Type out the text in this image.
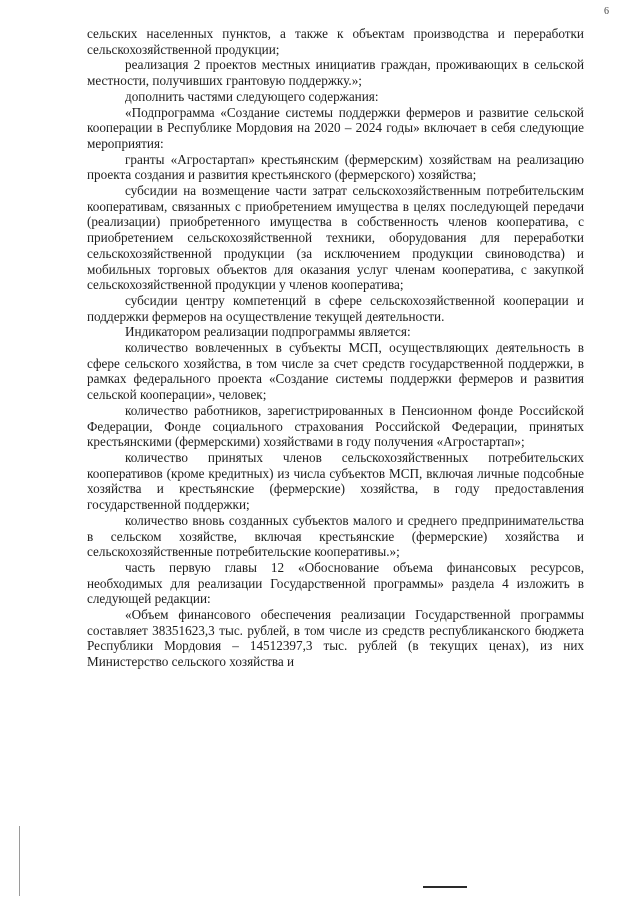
6

сельских населенных пунктов, а также к объектам производства и переработки сельскохозяйственной продукции;

реализация 2 проектов местных инициатив граждан, проживающих в сельской местности, получивших грантовую поддержку.»;

дополнить частями следующего содержания:

«Подпрограмма «Создание системы поддержки фермеров и развитие сельской кооперации в Республике Мордовия на 2020 – 2024 годы» включает в себя следующие мероприятия:

гранты «Агростартап» крестьянским (фермерским) хозяйствам на реализацию проекта создания и развития крестьянского (фермерского) хозяйства;

субсидии на возмещение части затрат сельскохозяйственным потребительским кооперативам, связанных с приобретением имущества в целях последующей передачи (реализации) приобретенного имущества в собственность членов кооператива, с приобретением сельскохозяйственной техники, оборудования для переработки сельскохозяйственной продукции (за исключением продукции свиноводства) и мобильных торговых объектов для оказания услуг членам кооператива, с закупкой сельскохозяйственной продукции у членов кооператива;

субсидии центру компетенций в сфере сельскохозяйственной кооперации и поддержки фермеров на осуществление текущей деятельности.

Индикатором реализации подпрограммы является:

количество вовлеченных в субъекты МСП, осуществляющих деятельность в сфере сельского хозяйства, в том числе за счет средств государственной поддержки, в рамках федерального проекта «Создание системы поддержки фермеров и развития сельской кооперации», человек;

количество работников, зарегистрированных в Пенсионном фонде Российской Федерации, Фонде социального страхования Российской Федерации, принятых крестьянскими (фермерскими) хозяйствами в году получения «Агростартап»;

количество принятых членов сельскохозяйственных потребительских кооперативов (кроме кредитных) из числа субъектов МСП, включая личные подсобные хозяйства и крестьянские (фермерские) хозяйства, в году предоставления государственной поддержки;

количество вновь созданных субъектов малого и среднего предпринимательства в сельском хозяйстве, включая крестьянские (фермерские) хозяйства и сельскохозяйственные потребительские кооперативы.»;

часть первую главы 12 «Обоснование объема финансовых ресурсов, необходимых для реализации Государственной программы» раздела 4 изложить в следующей редакции:

«Объем финансового обеспечения реализации Государственной программы составляет 38351623,3 тыс. рублей, в том числе из средств республиканского бюджета Республики Мордовия – 14512397,3 тыс. рублей (в текущих ценах), из них Министерство сельского хозяйства и
